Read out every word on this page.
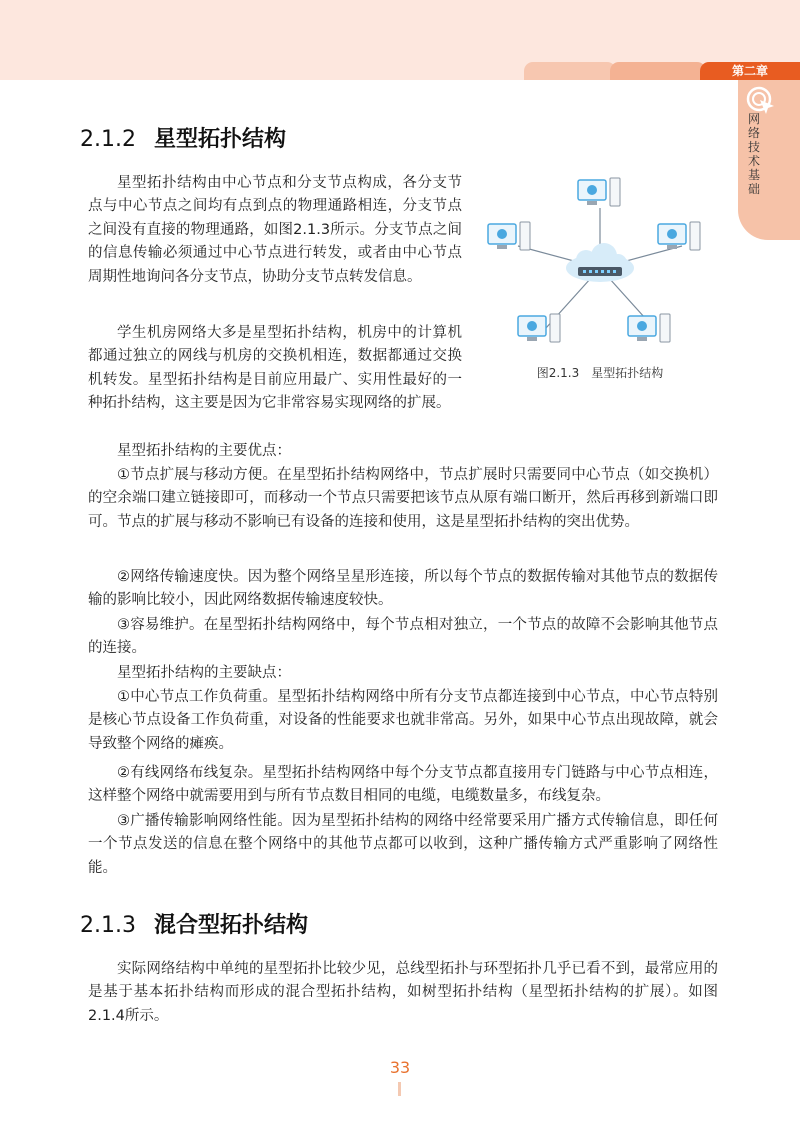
第二章
网络技术基础
2.1.2 星型拓扑结构

星型拓扑结构由中心节点和分支节点构成，各分支节点与中心节点之间均有点到点的物理通路相连，分支节点之间没有直接的物理通路，如图2.1.3所示。分支节点之间的信息传输必须通过中心节点进行转发，或者由中心节点周期性地询问各分支节点，协助分支节点转发信息。

学生机房网络大多是星型拓扑结构，机房中的计算机都通过独立的网线与机房的交换机相连，数据都通过交换机转发。星型拓扑结构是目前应用最广、实用性最好的一种拓扑结构，这主要是因为它非常容易实现网络的扩展。

星型拓扑结构的主要优点：

①节点扩展与移动方便。在星型拓扑结构网络中，节点扩展时只需要同中心节点（如交换机）的空余端口建立链接即可，而移动一个节点只需要把该节点从原有端口断开，然后再移到新端口即可。节点的扩展与移动不影响已有设备的连接和使用，这是星型拓扑结构的突出优势。

②网络传输速度快。因为整个网络呈星形连接，所以每个节点的数据传输对其他节点的数据传输的影响比较小，因此网络数据传输速度较快。

③容易维护。在星型拓扑结构网络中，每个节点相对独立，一个节点的故障不会影响其他节点的连接。

星型拓扑结构的主要缺点：

①中心节点工作负荷重。星型拓扑结构网络中所有分支节点都连接到中心节点，中心节点特别是核心节点设备工作负荷重，对设备的性能要求也就非常高。另外，如果中心节点出现故障，就会导致整个网络的瘫痪。

②有线网络布线复杂。星型拓扑结构网络中每个分支节点都直接用专门链路与中心节点相连，这样整个网络中就需要用到与所有节点数目相同的电缆，电缆数量多，布线复杂。

③广播传输影响网络性能。因为星型拓扑结构的网络中经常要采用广播方式传输信息，即任何一个节点发送的信息在整个网络中的其他节点都可以收到，这种广播传输方式严重影响了网络性能。

图2.1.3　星型拓扑结构
2.1.3 混合型拓扑结构

实际网络结构中单纯的星型拓扑比较少见，总线型拓扑与环型拓扑几乎已看不到，最常应用的是基于基本拓扑结构而形成的混合型拓扑结构，如树型拓扑结构（星型拓扑结构的扩展）。如图2.1.4所示。

33
